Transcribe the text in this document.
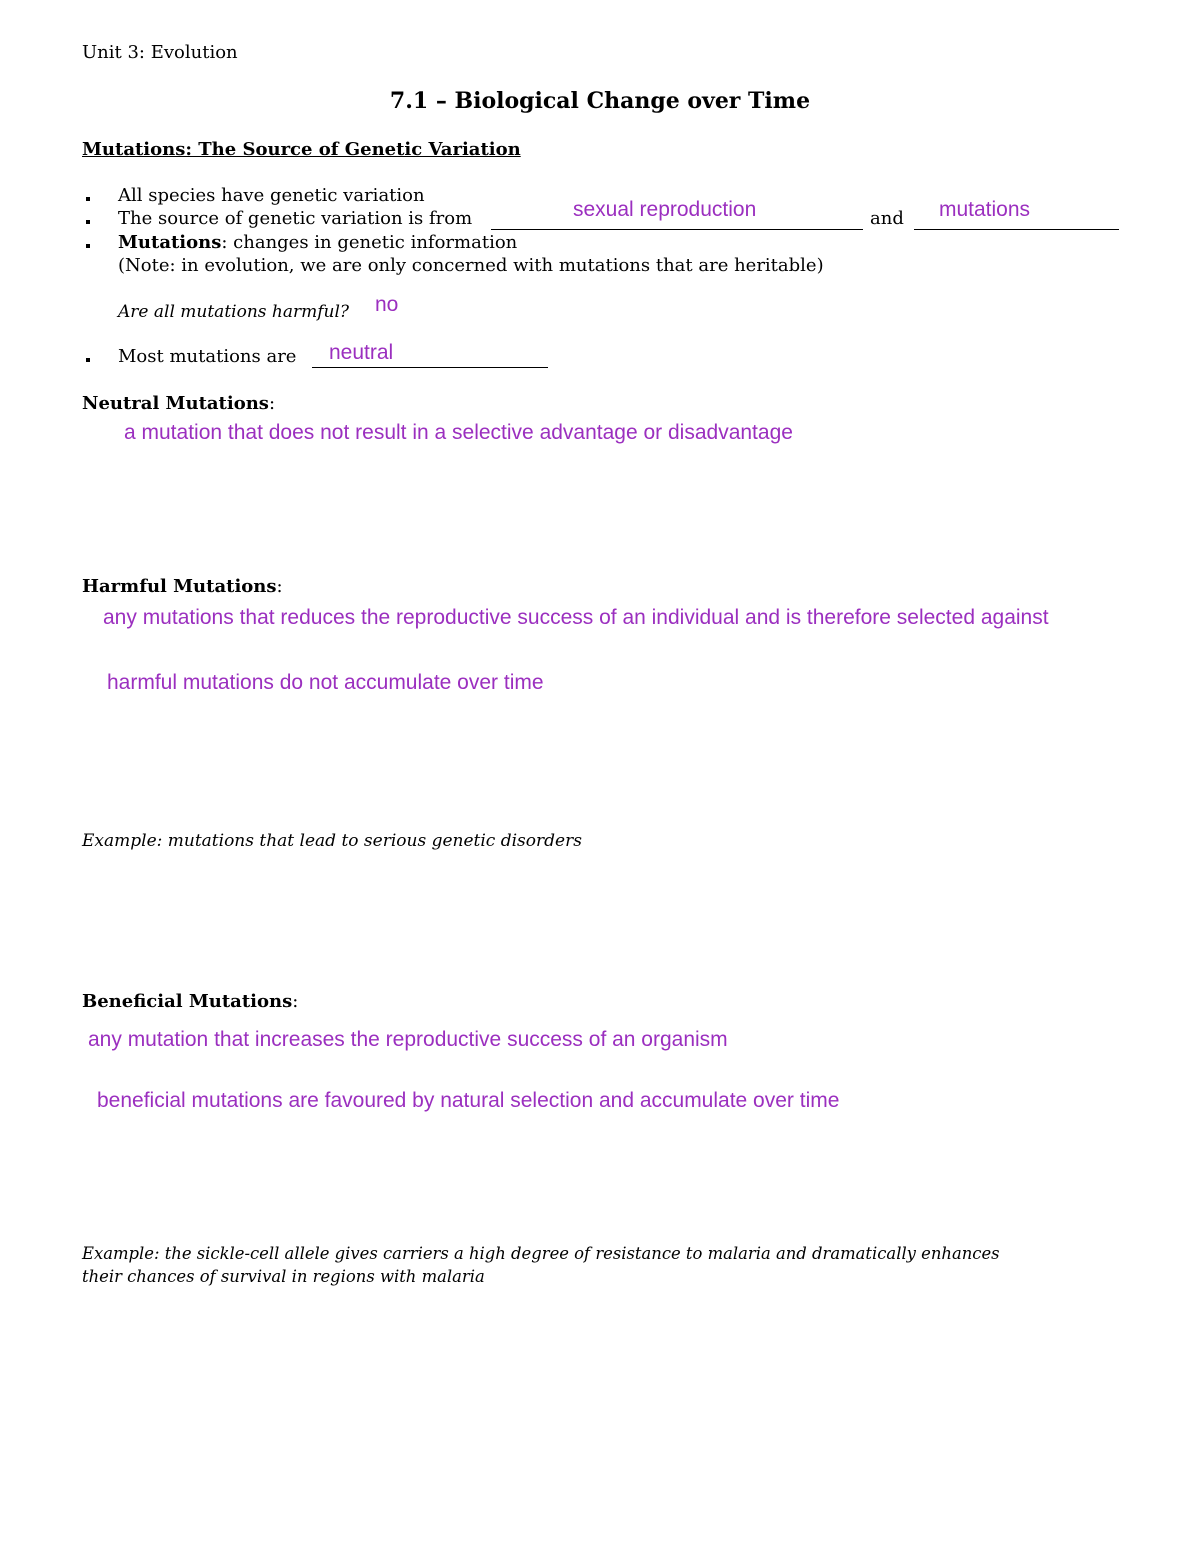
Unit 3: Evolution
7.1 – Biological Change over Time
Mutations: The Source of Genetic Variation
All species have genetic variation
The source of genetic variation is from	sexual reproduction	and mutations
Mutations: changes in genetic information
(Note: in evolution, we are only concerned with mutations that are heritable)
Are all mutations harmful? no
Most mutations are neutral
Neutral Mutations:
a mutation that does not result in a selective advantage or disadvantage
Harmful Mutations:
any mutations that reduces the reproductive success of an individual and is therefore selected against
harmful mutations do not accumulate over time
Example: mutations that lead to serious genetic disorders
Beneficial Mutations:
any mutation that increases the reproductive success of an organism
beneficial mutations are favoured by natural selection and accumulate over time
Example: the sickle-cell allele gives carriers a high degree of resistance to malaria and dramatically enhances
their chances of survival in regions with malaria
